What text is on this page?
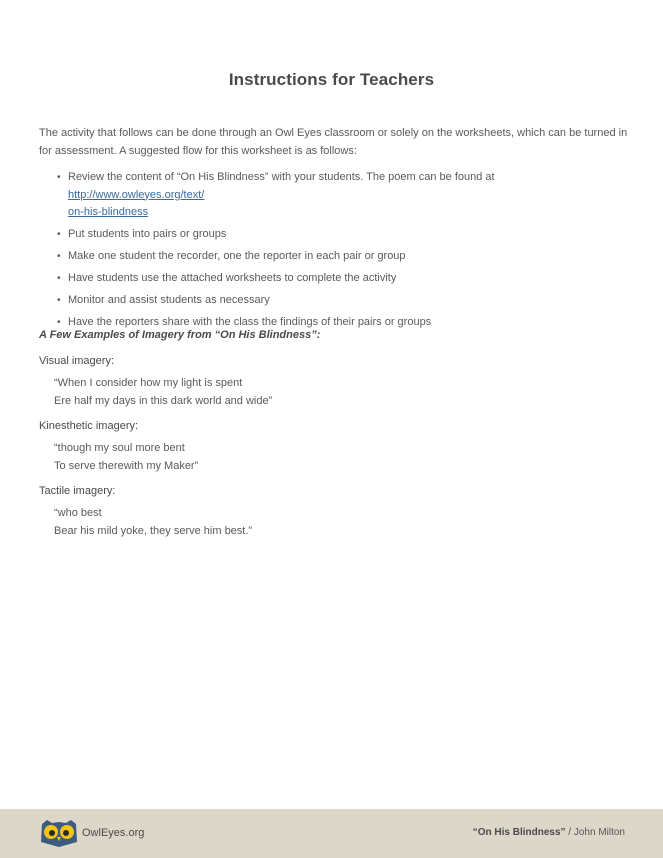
Instructions for Teachers
The activity that follows can be done through an Owl Eyes classroom or solely on the worksheets, which can be turned in for assessment. A suggested flow for this worksheet is as follows:
• Review the content of “On His Blindness” with your students. The poem can be found at http://www.owleyes.org/text/
on-his-blindness
• Put students into pairs or groups
• Make one student the recorder, one the reporter in each pair or group
• Have students use the attached worksheets to complete the activity
• Monitor and assist students as necessary
• Have the reporters share with the class the findings of their pairs or groups
A Few Examples of Imagery from “On His Blindness”:
Visual imagery:
“When I consider how my light is spent
Ere half my days in this dark world and wide”
Kinesthetic imagery:
“though my soul more bent
To serve therewith my Maker”
Tactile imagery:
“who best
Bear his mild yoke, they serve him best.”
OwlEyes.org	“On His Blindness” / John Milton
